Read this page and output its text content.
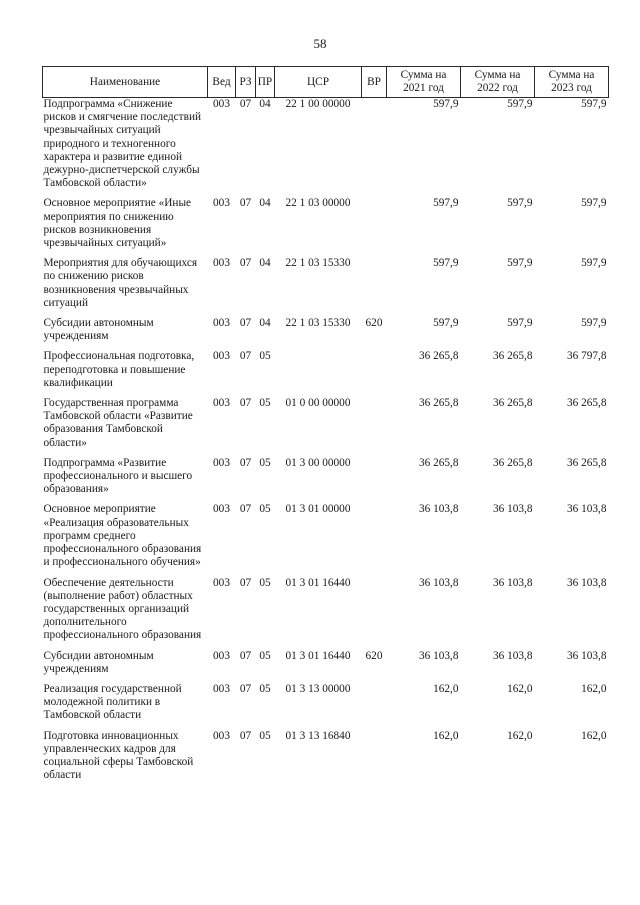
58
Наименование	Вед	РЗ	ПР	ЦСР	ВР	Сумма на 2021 год	Сумма на 2022 год	Сумма на 2023 год
Подпрограмма «Снижение рисков и смягчение последствий чрезвычайных ситуаций природного и техногенного характера и развитие единой дежурно-диспетчерской службы Тамбовской области»	003	07	04	22 1 00 00000		597,9	597,9	597,9
Основное мероприятие «Иные мероприятия по снижению рисков возникновения чрезвычайных ситуаций»	003	07	04	22 1 03 00000		597,9	597,9	597,9
Мероприятия для обучающихся по снижению рисков возникновения чрезвычайных ситуаций	003	07	04	22 1 03 15330		597,9	597,9	597,9
Субсидии автономным учреждениям	003	07	04	22 1 03 15330	620	597,9	597,9	597,9
Профессиональная подготовка, переподготовка и повышение квалификации	003	07	05			36 265,8	36 265,8	36 797,8
Государственная программа Тамбовской области «Развитие образования Тамбовской области»	003	07	05	01 0 00 00000		36 265,8	36 265,8	36 265,8
Подпрограмма «Развитие профессионального и высшего образования»	003	07	05	01 3 00 00000		36 265,8	36 265,8	36 265,8
Основное мероприятие «Реализация образовательных программ среднего профессионального образования и профессионального обучения»	003	07	05	01 3 01 00000		36 103,8	36 103,8	36 103,8
Обеспечение деятельности (выполнение работ) областных государственных организаций дополнительного профессионального образования	003	07	05	01 3 01 16440		36 103,8	36 103,8	36 103,8
Субсидии автономным учреждениям	003	07	05	01 3 01 16440	620	36 103,8	36 103,8	36 103,8
Реализация государственной молодежной политики в Тамбовской области	003	07	05	01 3 13 00000		162,0	162,0	162,0
Подготовка инновационных управленческих кадров для социальной сферы Тамбовской области	003	07	05	01 3 13 16840		162,0	162,0	162,0
